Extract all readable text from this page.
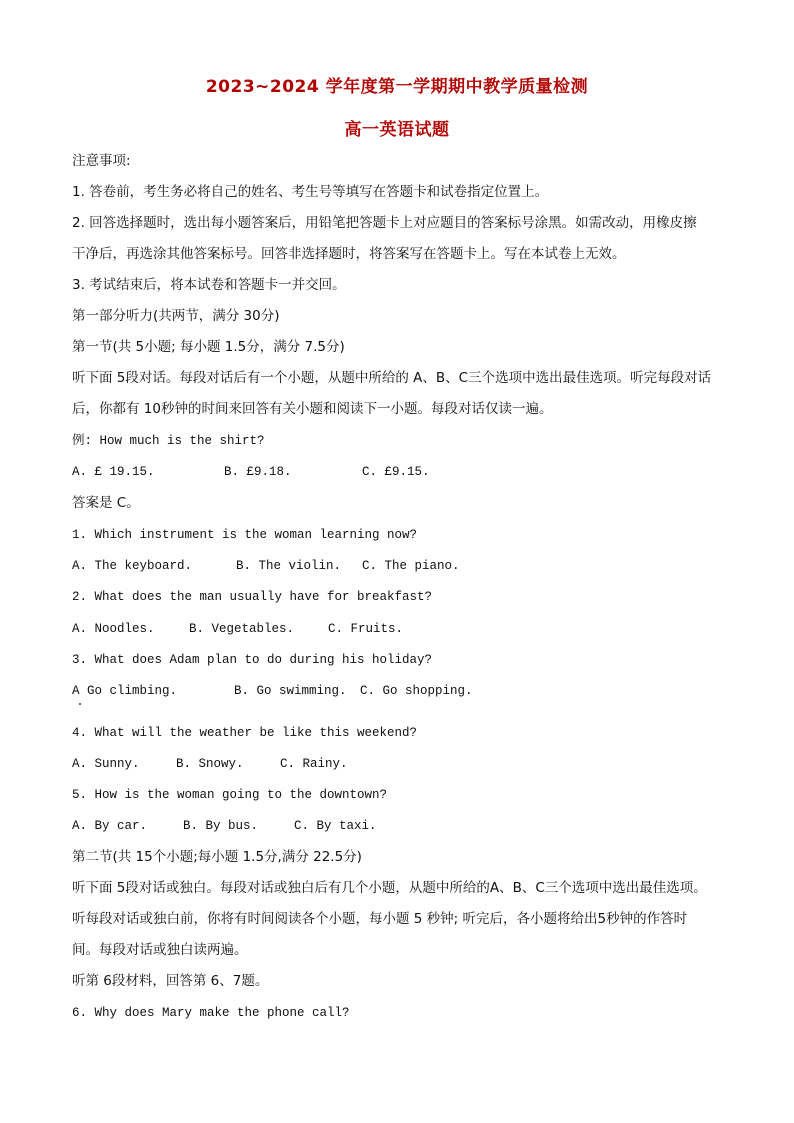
2023~2024 学年度第一学期期中教学质量检测
高一英语试题
注意事项:
1. 答卷前，考生务必将自己的姓名、考生号等填写在答题卡和试卷指定位置上。
2. 回答选择题时，选出每小题答案后，用铅笔把答题卡上对应题目的答案标号涂黑。如需改动，用橡皮擦
干净后，再选涂其他答案标号。回答非选择题时，将答案写在答题卡上。写在本试卷上无效。
3. 考试结束后，将本试卷和答题卡一并交回。
第一部分听力(共两节，满分 30分)
第一节(共 5小题; 每小题 1.5分，满分 7.5分)
听下面 5段对话。每段对话后有一个小题，从题中所给的 A、B、C三个选项中选出最佳选项。听完每段对话
后，你都有 10秒钟的时间来回答有关小题和阅读下一小题。每段对话仅读一遍。
例: How much is the shirt?
A. £ 19.15.	B. £9.18.	C. £9.15.
答案是 C。
1. Which instrument is the woman learning now?
A. The keyboard.	B. The violin. C. The piano.
2. What does the man usually have for breakfast?
A. Noodles.	B. Vegetables.	C. Fruits.
3. What does Adam plan to do during his holiday?
A Go climbing.	B. Go swimming. C. Go shopping.
4. What will the weather be like this weekend?
A. Sunny.	B. Snowy.	C. Rainy.
5. How is the woman going to the downtown?
A. By car.	B. By bus.	C. By taxi.
第二节(共 15个小题;每小题 1.5分,满分 22.5分)
听下面 5段对话或独白。每段对话或独白后有几个小题，从题中所给的A、B、C三个选项中选出最佳选项。
听每段对话或独白前，你将有时间阅读各个小题，每小题 5 秒钟; 听完后，各小题将给出5秒钟的作答时
间。每段对话或独白读两遍。
听第 6段材料，回答第 6、7题。
6. Why does Mary make the phone call?
